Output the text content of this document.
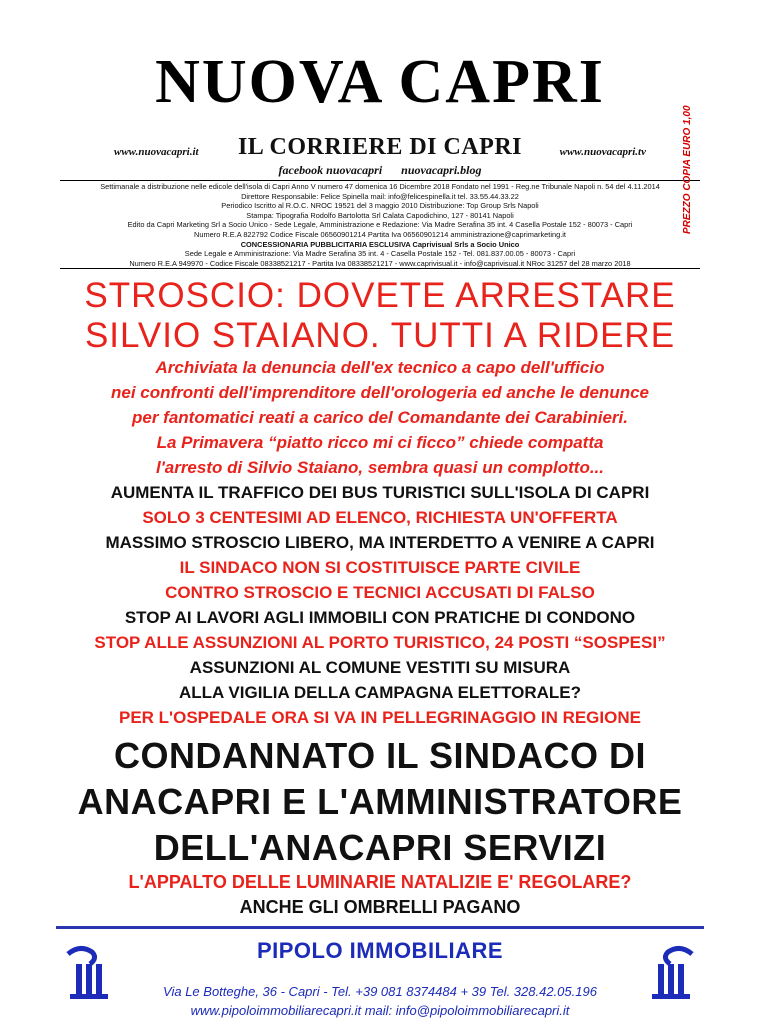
NUOVA CAPRI
www.nuovacapri.it	IL CORRIERE DI CAPRI	www.nuovacapri.tv
facebook nuovacapri nuovacapri.blog
Settimanale a distribuzione nelle edicole dell'isola di Capri Anno V numero 47 domenica 16 Dicembre 2018 Fondato nel 1991 - Reg.ne Tribunale Napoli n. 54 del 4.11.2014
Direttore Responsabile: Felice Spinella mail: info@felicespinella.it tel. 33.55.44.33.22
Periodico Iscritto al R.O.C. NROC 19521 del 3 maggio 2010 Distribuzione: Top Group Srls Napoli
Stampa: Tipografia Rodolfo Bartolotta Srl Calata Capodichino, 127 - 80141 Napoli
Edito da Capri Marketing Srl a Socio Unico - Sede Legale, Amministrazione e Redazione: Via Madre Serafina 35 int. 4 Casella Postale 152 - 80073 - Capri
Numero R.E.A 822792 Codice Fiscale 06560901214 Partita Iva 06560901214 amministrazione@caprimarketing.it
CONCESSIONARIA PUBBLICITARIA ESCLUSIVA Caprivisual Srls a Socio Unico
Sede Legale e Amministrazione: Via Madre Serafina 35 int. 4 - Casella Postale 152 - Tel. 081.837.00.05 - 80073 - Capri
Numero R.E.A 949970 - Codice Fiscale 08338521217 - Partita Iva 08338521217 - www.caprivisual.it - info@caprivisual.it NRoc 31257 del 28 marzo 2018
PREZZO COPIA EURO 1,00
STROSCIO: DOVETE ARRESTARE
SILVIO STAIANO. TUTTI A RIDERE
Archiviata la denuncia dell'ex tecnico a capo dell'ufficio
nei confronti dell'imprenditore dell'orologeria ed anche le denunce
per fantomatici reati a carico del Comandante dei Carabinieri.
La Primavera “piatto ricco mi ci ficco” chiede compatta
l'arresto di Silvio Staiano, sembra quasi un complotto...
AUMENTA IL TRAFFICO DEI BUS TURISTICI SULL'ISOLA DI CAPRI
SOLO 3 CENTESIMI AD ELENCO, RICHIESTA UN'OFFERTA
MASSIMO STROSCIO LIBERO, MA INTERDETTO A VENIRE A CAPRI
IL SINDACO NON SI COSTITUISCE PARTE CIVILE
CONTRO STROSCIO E TECNICI ACCUSATI DI FALSO
STOP AI LAVORI AGLI IMMOBILI CON PRATICHE DI CONDONO
STOP ALLE ASSUNZIONI AL PORTO TURISTICO, 24 POSTI “SOSPESI”
ASSUNZIONI AL COMUNE VESTITI SU MISURA
ALLA VIGILIA DELLA CAMPAGNA ELETTORALE?
PER L'OSPEDALE ORA SI VA IN PELLEGRINAGGIO IN REGIONE
CONDANNATO IL SINDACO DI
ANACAPRI E L'AMMINISTRATORE
DELL'ANACAPRI SERVIZI
L'APPALTO DELLE LUMINARIE NATALIZIE E' REGOLARE?
ANCHE GLI OMBRELLI PAGANO
PIPOLO IMMOBILIARE
Via Le Botteghe, 36 - Capri - Tel. +39 081 8374484 + 39 Tel. 328.42.05.196
www.pipoloimmobiliarecapri.it mail: info@pipoloimmobiliarecapri.it
